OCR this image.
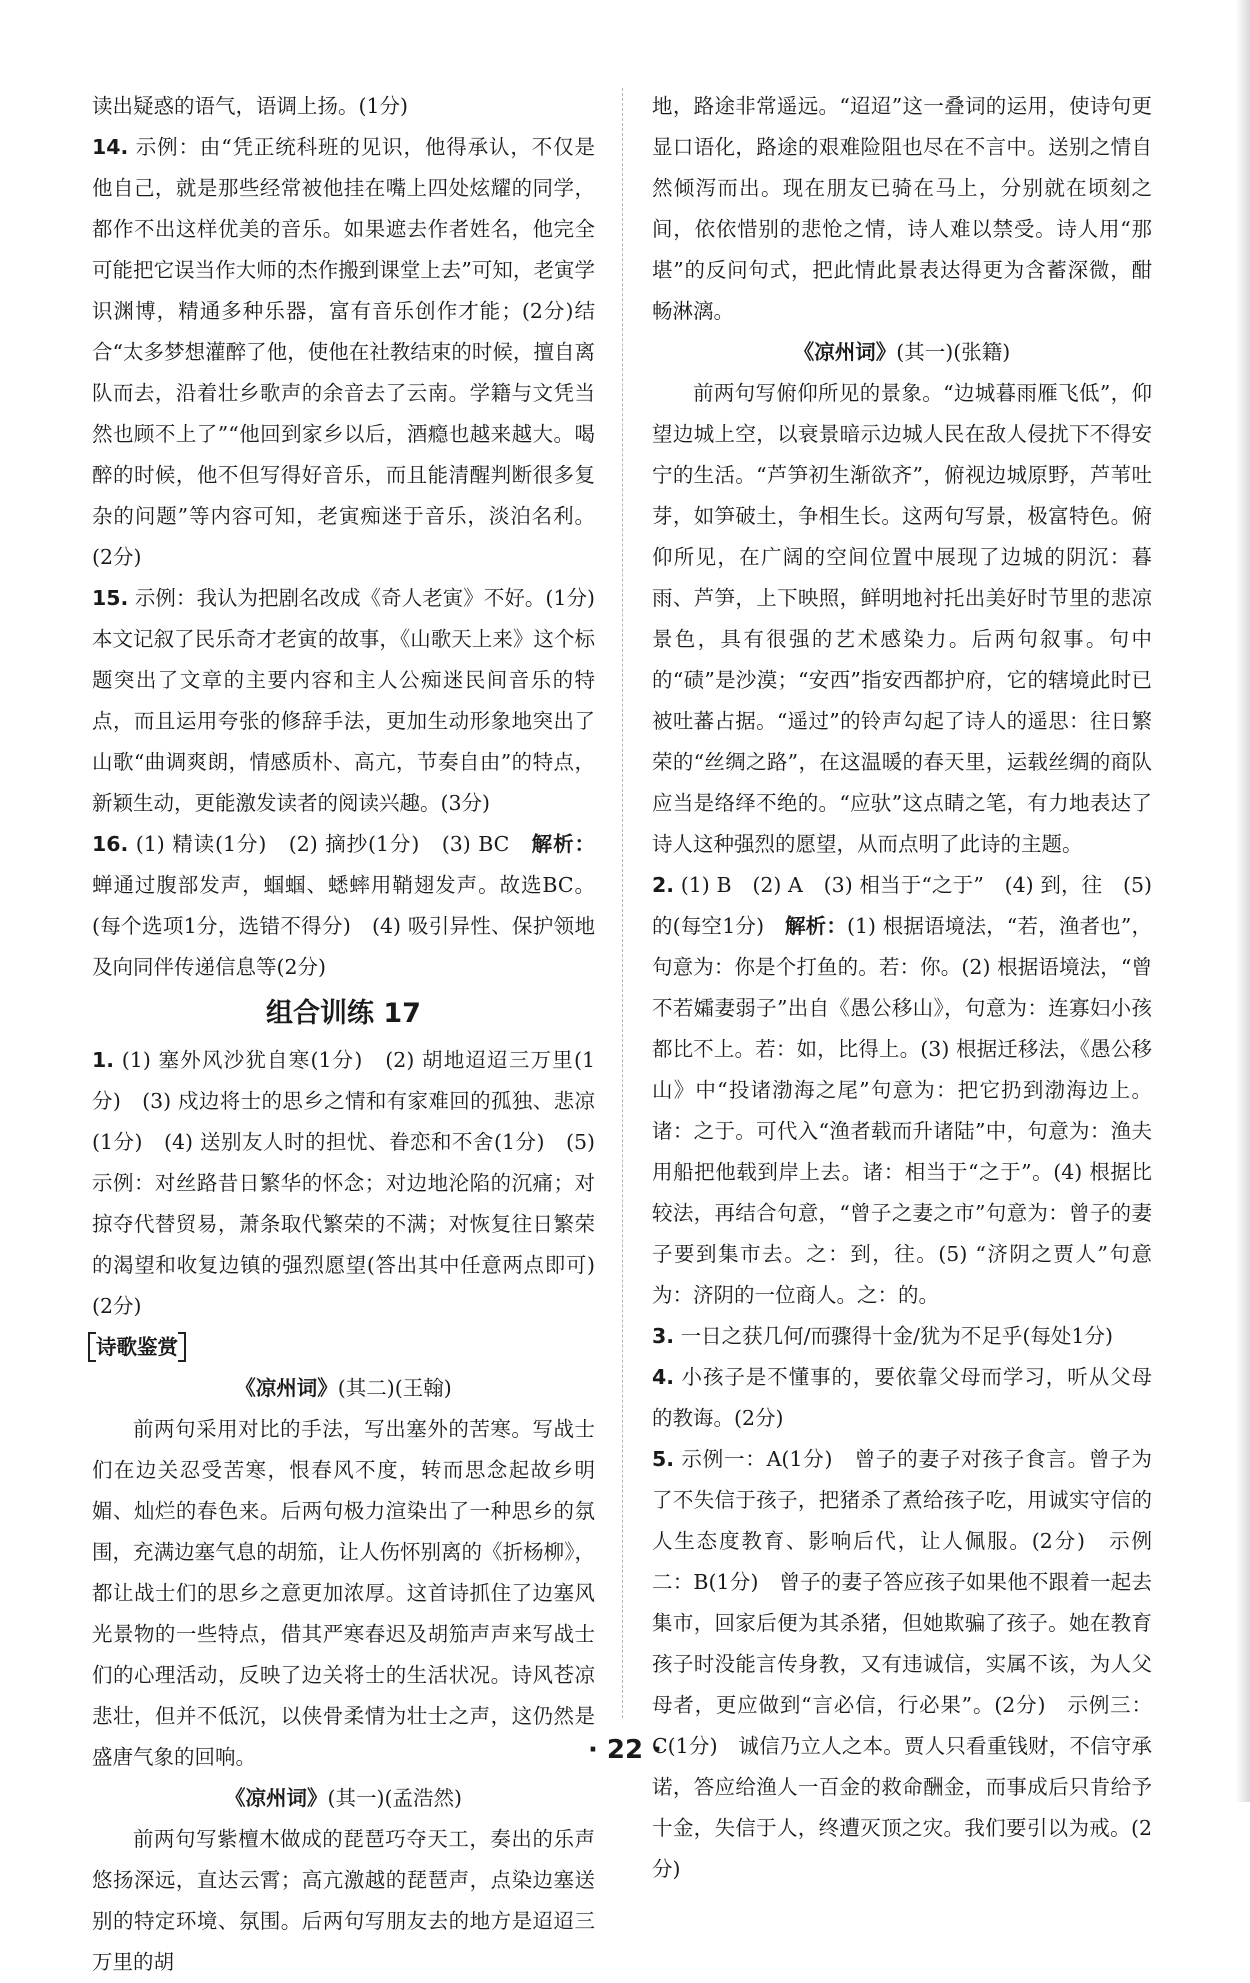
读出疑惑的语气，语调上扬。(1分)

14. 示例：由“凭正统科班的见识，他得承认，不仅是他自己，就是那些经常被他挂在嘴上四处炫耀的同学，都作不出这样优美的音乐。如果遮去作者姓名，他完全可能把它误当作大师的杰作搬到课堂上去”可知，老寅学识渊博，精通多种乐器，富有音乐创作才能；(2分)结合“太多梦想灌醉了他，使他在社教结束的时候，擅自离队而去，沿着壮乡歌声的余音去了云南。学籍与文凭当然也顾不上了”“他回到家乡以后，酒瘾也越来越大。喝醉的时候，他不但写得好音乐，而且能清醒判断很多复杂的问题”等内容可知，老寅痴迷于音乐，淡泊名利。(2分)

15. 示例：我认为把剧名改成《奇人老寅》不好。(1分)本文记叙了民乐奇才老寅的故事，《山歌天上来》这个标题突出了文章的主要内容和主人公痴迷民间音乐的特点，而且运用夸张的修辞手法，更加生动形象地突出了山歌“曲调爽朗，情感质朴、高亢，节奏自由”的特点，新颖生动，更能激发读者的阅读兴趣。(3分)

16. (1) 精读(1分)　(2) 摘抄(1分)　(3) BC　解析：蝉通过腹部发声，蝈蝈、蟋蟀用鞘翅发声。故选BC。(每个选项1分，选错不得分)　(4) 吸引异性、保护领地及向同伴传递信息等(2分)

组合训练 17

1. (1) 塞外风沙犹自寒(1分)　(2) 胡地迢迢三万里(1分)　(3) 戍边将士的思乡之情和有家难回的孤独、悲凉(1分)　(4) 送别友人时的担忧、眷恋和不舍(1分)　(5) 示例：对丝路昔日繁华的怀念；对边地沦陷的沉痛；对掠夺代替贸易，萧条取代繁荣的不满；对恢复往日繁荣的渴望和收复边镇的强烈愿望(答出其中任意两点即可)(2分)

诗歌鉴赏

《凉州词》(其二)(王翰)

前两句采用对比的手法，写出塞外的苦寒。写战士们在边关忍受苦寒，恨春风不度，转而思念起故乡明媚、灿烂的春色来。后两句极力渲染出了一种思乡的氛围，充满边塞气息的胡笳，让人伤怀别离的《折杨柳》，都让战士们的思乡之意更加浓厚。这首诗抓住了边塞风光景物的一些特点，借其严寒春迟及胡笳声声来写战士们的心理活动，反映了边关将士的生活状况。诗风苍凉悲壮，但并不低沉，以侠骨柔情为壮士之声，这仍然是盛唐气象的回响。

《凉州词》(其一)(孟浩然)

前两句写紫檀木做成的琵琶巧夺天工，奏出的乐声悠扬深远，直达云霄；高亢激越的琵琶声，点染边塞送别的特定环境、氛围。后两句写朋友去的地方是迢迢三万里的胡

地，路途非常遥远。“迢迢”这一叠词的运用，使诗句更显口语化，路途的艰难险阻也尽在不言中。送别之情自然倾泻而出。现在朋友已骑在马上，分别就在顷刻之间，依依惜别的悲怆之情，诗人难以禁受。诗人用“那堪”的反问句式，把此情此景表达得更为含蓄深微，酣畅淋漓。

《凉州词》(其一)(张籍)

前两句写俯仰所见的景象。“边城暮雨雁飞低”，仰望边城上空，以衰景暗示边城人民在敌人侵扰下不得安宁的生活。“芦笋初生渐欲齐”，俯视边城原野，芦苇吐芽，如笋破土，争相生长。这两句写景，极富特色。俯仰所见，在广阔的空间位置中展现了边城的阴沉：暮雨、芦笋，上下映照，鲜明地衬托出美好时节里的悲凉景色，具有很强的艺术感染力。后两句叙事。句中的“碛”是沙漠；“安西”指安西都护府，它的辖境此时已被吐蕃占据。“遥过”的铃声勾起了诗人的遥思：往日繁荣的“丝绸之路”，在这温暖的春天里，运载丝绸的商队应当是络绎不绝的。“应驮”这点睛之笔，有力地表达了诗人这种强烈的愿望，从而点明了此诗的主题。

2. (1) B　(2) A　(3) 相当于“之于”　(4) 到，往　(5) 的(每空1分)　解析：(1) 根据语境法，“若，渔者也”，句意为：你是个打鱼的。若：你。(2) 根据语境法，“曾不若孀妻弱子”出自《愚公移山》，句意为：连寡妇小孩都比不上。若：如，比得上。(3) 根据迁移法，《愚公移山》中“投诸渤海之尾”句意为：把它扔到渤海边上。诸：之于。可代入“渔者载而升诸陆”中，句意为：渔夫用船把他载到岸上去。诸：相当于“之于”。(4) 根据比较法，再结合句意，“曾子之妻之市”句意为：曾子的妻子要到集市去。之：到，往。(5) “济阴之贾人”句意为：济阴的一位商人。之：的。

3. 一日之获几何/而骤得十金/犹为不足乎(每处1分)

4. 小孩子是不懂事的，要依靠父母而学习，听从父母的教诲。(2分)

5. 示例一：A(1分)　曾子的妻子对孩子食言。曾子为了不失信于孩子，把猪杀了煮给孩子吃，用诚实守信的人生态度教育、影响后代，让人佩服。(2分)　示例二：B(1分)　曾子的妻子答应孩子如果他不跟着一起去集市，回家后便为其杀猪，但她欺骗了孩子。她在教育孩子时没能言传身教，又有违诚信，实属不该，为人父母者，更应做到“言必信，行必果”。(2分)　示例三：C(1分)　诚信乃立人之本。贾人只看重钱财，不信守承诺，答应给渔人一百金的救命酬金，而事成后只肯给予十金，失信于人，终遭灭顶之灾。我们要引以为戒。(2分)

· 22 ·
